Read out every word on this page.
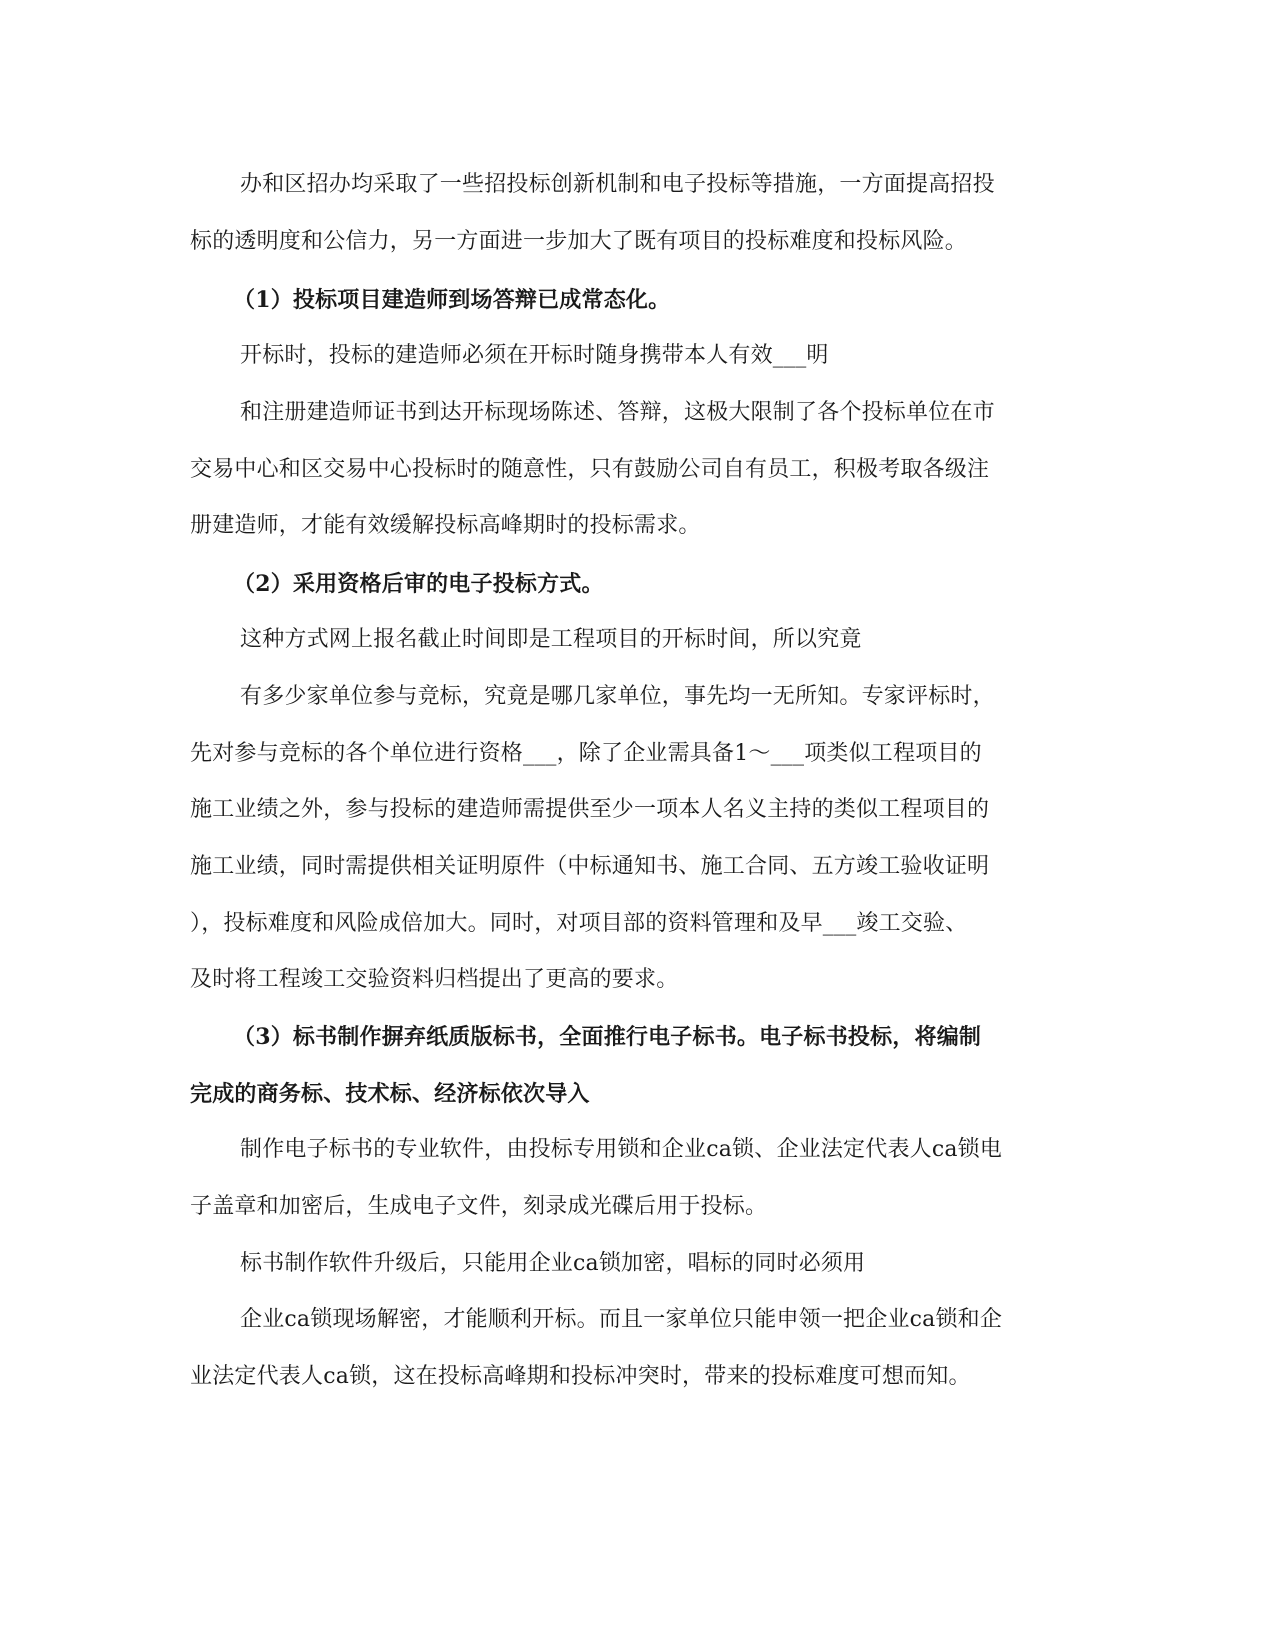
办和区招办均采取了一些招投标创新机制和电子投标等措施，一方面提高招投
标的透明度和公信力，另一方面进一步加大了既有项目的投标难度和投标风险。
（1）投标项目建造师到场答辩已成常态化。
开标时，投标的建造师必须在开标时随身携带本人有效___明
和注册建造师证书到达开标现场陈述、答辩，这极大限制了各个投标单位在市
交易中心和区交易中心投标时的随意性，只有鼓励公司自有员工，积极考取各级注
册建造师，才能有效缓解投标高峰期时的投标需求。
（2）采用资格后审的电子投标方式。
这种方式网上报名截止时间即是工程项目的开标时间，所以究竟
有多少家单位参与竞标，究竟是哪几家单位，事先均一无所知。专家评标时，
先对参与竞标的各个单位进行资格___，除了企业需具备1～___项类似工程项目的
施工业绩之外，参与投标的建造师需提供至少一项本人名义主持的类似工程项目的
施工业绩，同时需提供相关证明原件（中标通知书、施工合同、五方竣工验收证明
），投标难度和风险成倍加大。同时，对项目部的资料管理和及早___竣工交验、
及时将工程竣工交验资料归档提出了更高的要求。
（3）标书制作摒弃纸质版标书，全面推行电子标书。电子标书投标，将编制
完成的商务标、技术标、经济标依次导入
制作电子标书的专业软件，由投标专用锁和企业ca锁、企业法定代表人ca锁电
子盖章和加密后，生成电子文件，刻录成光碟后用于投标。
标书制作软件升级后，只能用企业ca锁加密，唱标的同时必须用
企业ca锁现场解密，才能顺利开标。而且一家单位只能申领一把企业ca锁和企
业法定代表人ca锁，这在投标高峰期和投标冲突时，带来的投标难度可想而知。
